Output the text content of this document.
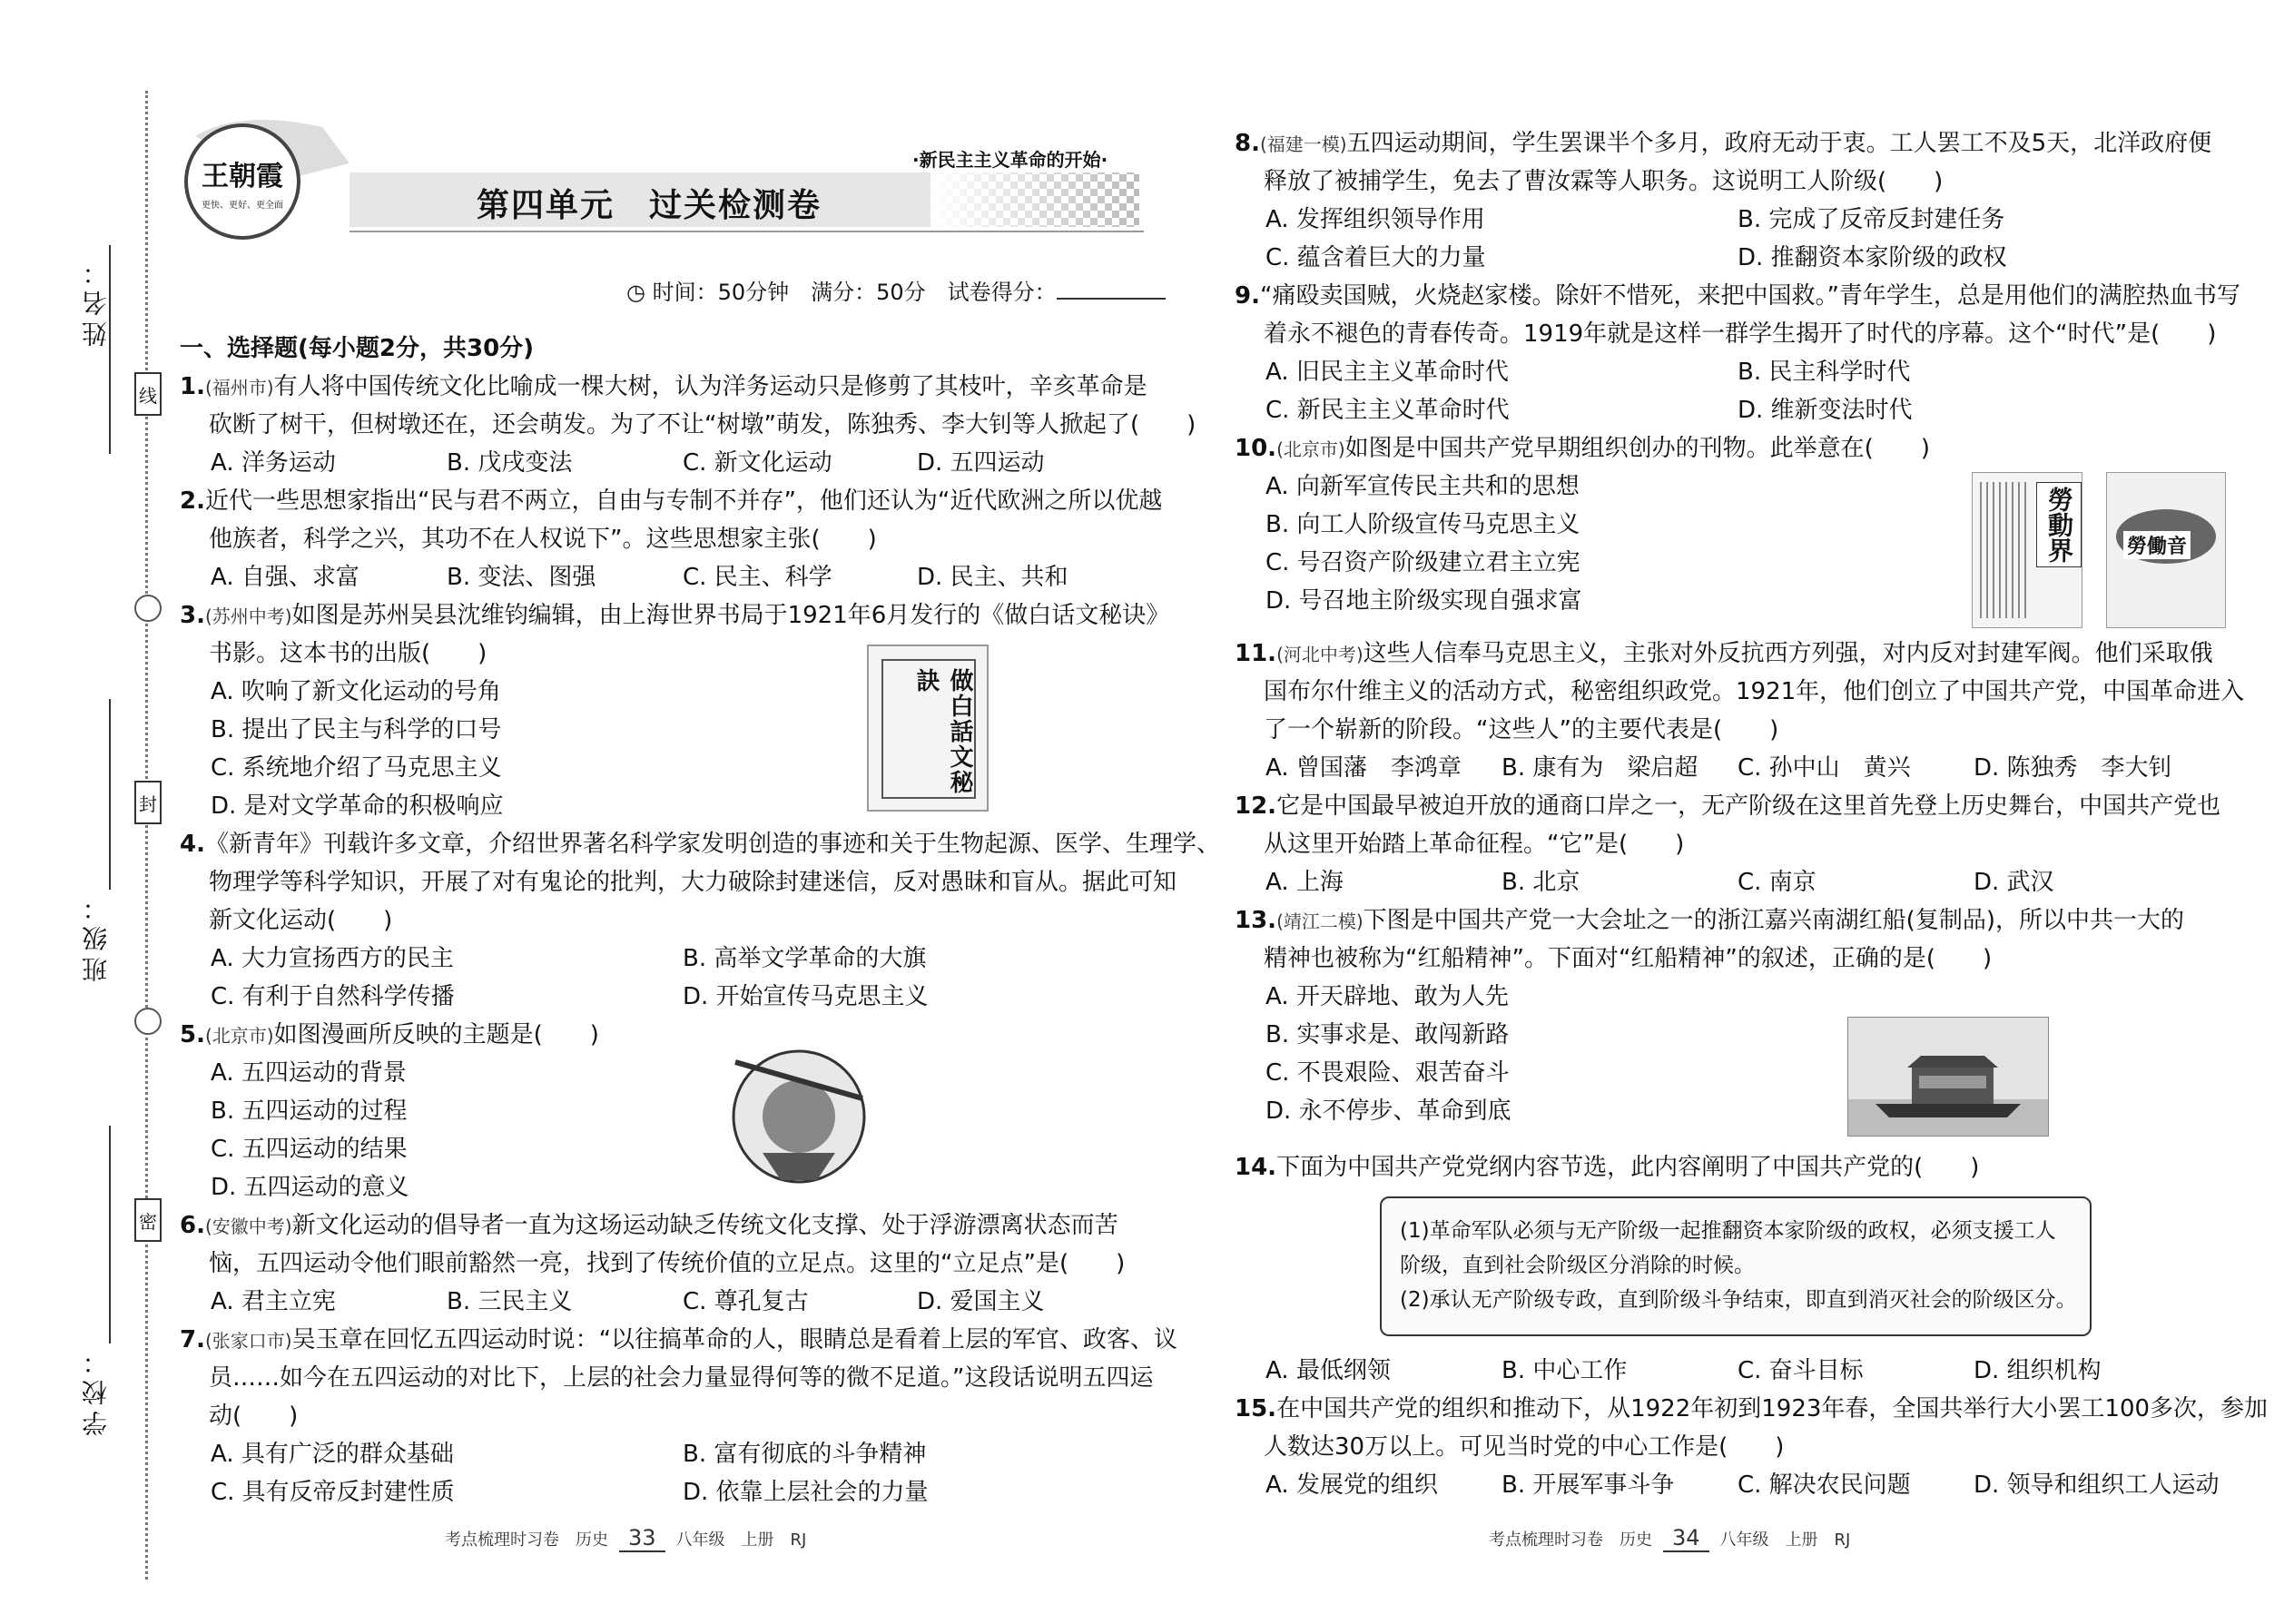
姓名：
班级：
学校：
线
封
密
王朝霞
更快、更好、更全面
·新民主主义革命的开始·
第四单元　过关检测卷
◷ 时间：50分钟　满分：50分　试卷得分：
一、选择题(每小题2分，共30分)
1.(福州市)有人将中国传统文化比喻成一棵大树，认为洋务运动只是修剪了其枝叶，辛亥革命是
砍断了树干，但树墩还在，还会萌发。为了不让“树墩”萌发，陈独秀、李大钊等人掀起了(　　)
A. 洋务运动	B. 戊戌变法	C. 新文化运动	D. 五四运动
2.近代一些思想家指出“民与君不两立，自由与专制不并存”，他们还认为“近代欧洲之所以优越
他族者，科学之兴，其功不在人权说下”。这些思想家主张(　　)
A. 自强、求富	B. 变法、图强	C. 民主、科学	D. 民主、共和
3.(苏州中考)如图是苏州吴县沈维钧编辑，由上海世界书局于1921年6月发行的《做白话文秘诀》
书影。这本书的出版(　　)
A. 吹响了新文化运动的号角
B. 提出了民主与科学的口号
C. 系统地介绍了马克思主义
D. 是对文学革命的积极响应
做白話文秘訣
4.《新青年》刊载许多文章，介绍世界著名科学家发明创造的事迹和关于生物起源、医学、生理学、
物理学等科学知识，开展了对有鬼论的批判，大力破除封建迷信，反对愚昧和盲从。据此可知
新文化运动(　　)
A. 大力宣扬西方的民主	B. 高举文学革命的大旗
C. 有利于自然科学传播	D. 开始宣传马克思主义
5.(北京市)如图漫画所反映的主题是(　　)
A. 五四运动的背景
B. 五四运动的过程
C. 五四运动的结果
D. 五四运动的意义
6.(安徽中考)新文化运动的倡导者一直为这场运动缺乏传统文化支撑、处于浮游漂离状态而苦
恼，五四运动令他们眼前豁然一亮，找到了传统价值的立足点。这里的“立足点”是(　　)
A. 君主立宪	B. 三民主义	C. 尊孔复古	D. 爱国主义
7.(张家口市)吴玉章在回忆五四运动时说：“以往搞革命的人，眼睛总是看着上层的军官、政客、议
员……如今在五四运动的对比下，上层的社会力量显得何等的微不足道。”这段话说明五四运
动(　　)
A. 具有广泛的群众基础	B. 富有彻底的斗争精神
C. 具有反帝反封建性质	D. 依靠上层社会的力量
考点梳理时习卷　历史 33 八年级　上册　RJ
8.(福建一模)五四运动期间，学生罢课半个多月，政府无动于衷。工人罢工不及5天，北洋政府便
释放了被捕学生，免去了曹汝霖等人职务。这说明工人阶级(　　)
A. 发挥组织领导作用	B. 完成了反帝反封建任务
C. 蕴含着巨大的力量	D. 推翻资本家阶级的政权
9.“痛殴卖国贼，火烧赵家楼。除奸不惜死，来把中国救。”青年学生，总是用他们的满腔热血书写
着永不褪色的青春传奇。1919年就是这样一群学生揭开了时代的序幕。这个“时代”是(　　)
A. 旧民主主义革命时代	B. 民主科学时代
C. 新民主主义革命时代	D. 维新变法时代
10.(北京市)如图是中国共产党早期组织创办的刊物。此举意在(　　)
A. 向新军宣传民主共和的思想
B. 向工人阶级宣传马克思主义
C. 号召资产阶级建立君主立宪
D. 号召地主阶级实现自强求富
勞動界	勞働音
11.(河北中考)这些人信奉马克思主义，主张对外反抗西方列强，对内反对封建军阀。他们采取俄
国布尔什维主义的活动方式，秘密组织政党。1921年，他们创立了中国共产党，中国革命进入
了一个崭新的阶段。“这些人”的主要代表是(　　)
A. 曾国藩　李鸿章 B. 康有为　梁启超 C. 孙中山　黄兴	D. 陈独秀　李大钊
12.它是中国最早被迫开放的通商口岸之一，无产阶级在这里首先登上历史舞台，中国共产党也
从这里开始踏上革命征程。“它”是(　　)
A. 上海	B. 北京	C. 南京	D. 武汉
13.(靖江二模)下图是中国共产党一大会址之一的浙江嘉兴南湖红船(复制品)，所以中共一大的
精神也被称为“红船精神”。下面对“红船精神”的叙述，正确的是(　　)
A. 开天辟地、敢为人先
B. 实事求是、敢闯新路
C. 不畏艰险、艰苦奋斗
D. 永不停步、革命到底
14.下面为中国共产党党纲内容节选，此内容阐明了中国共产党的(　　)
(1)革命军队必须与无产阶级一起推翻资本家阶级的政权，必须支援工人
阶级，直到社会阶级区分消除的时候。
(2)承认无产阶级专政，直到阶级斗争结束，即直到消灭社会的阶级区分。
A. 最低纲领	B. 中心工作	C. 奋斗目标	D. 组织机构
15.在中国共产党的组织和推动下，从1922年初到1923年春，全国共举行大小罢工100多次，参加
人数达30万以上。可见当时党的中心工作是(　　)
A. 发展党的组织	B. 开展军事斗争	C. 解决农民问题	D. 领导和组织工人运动
考点梳理时习卷　历史 34 八年级　上册　RJ
